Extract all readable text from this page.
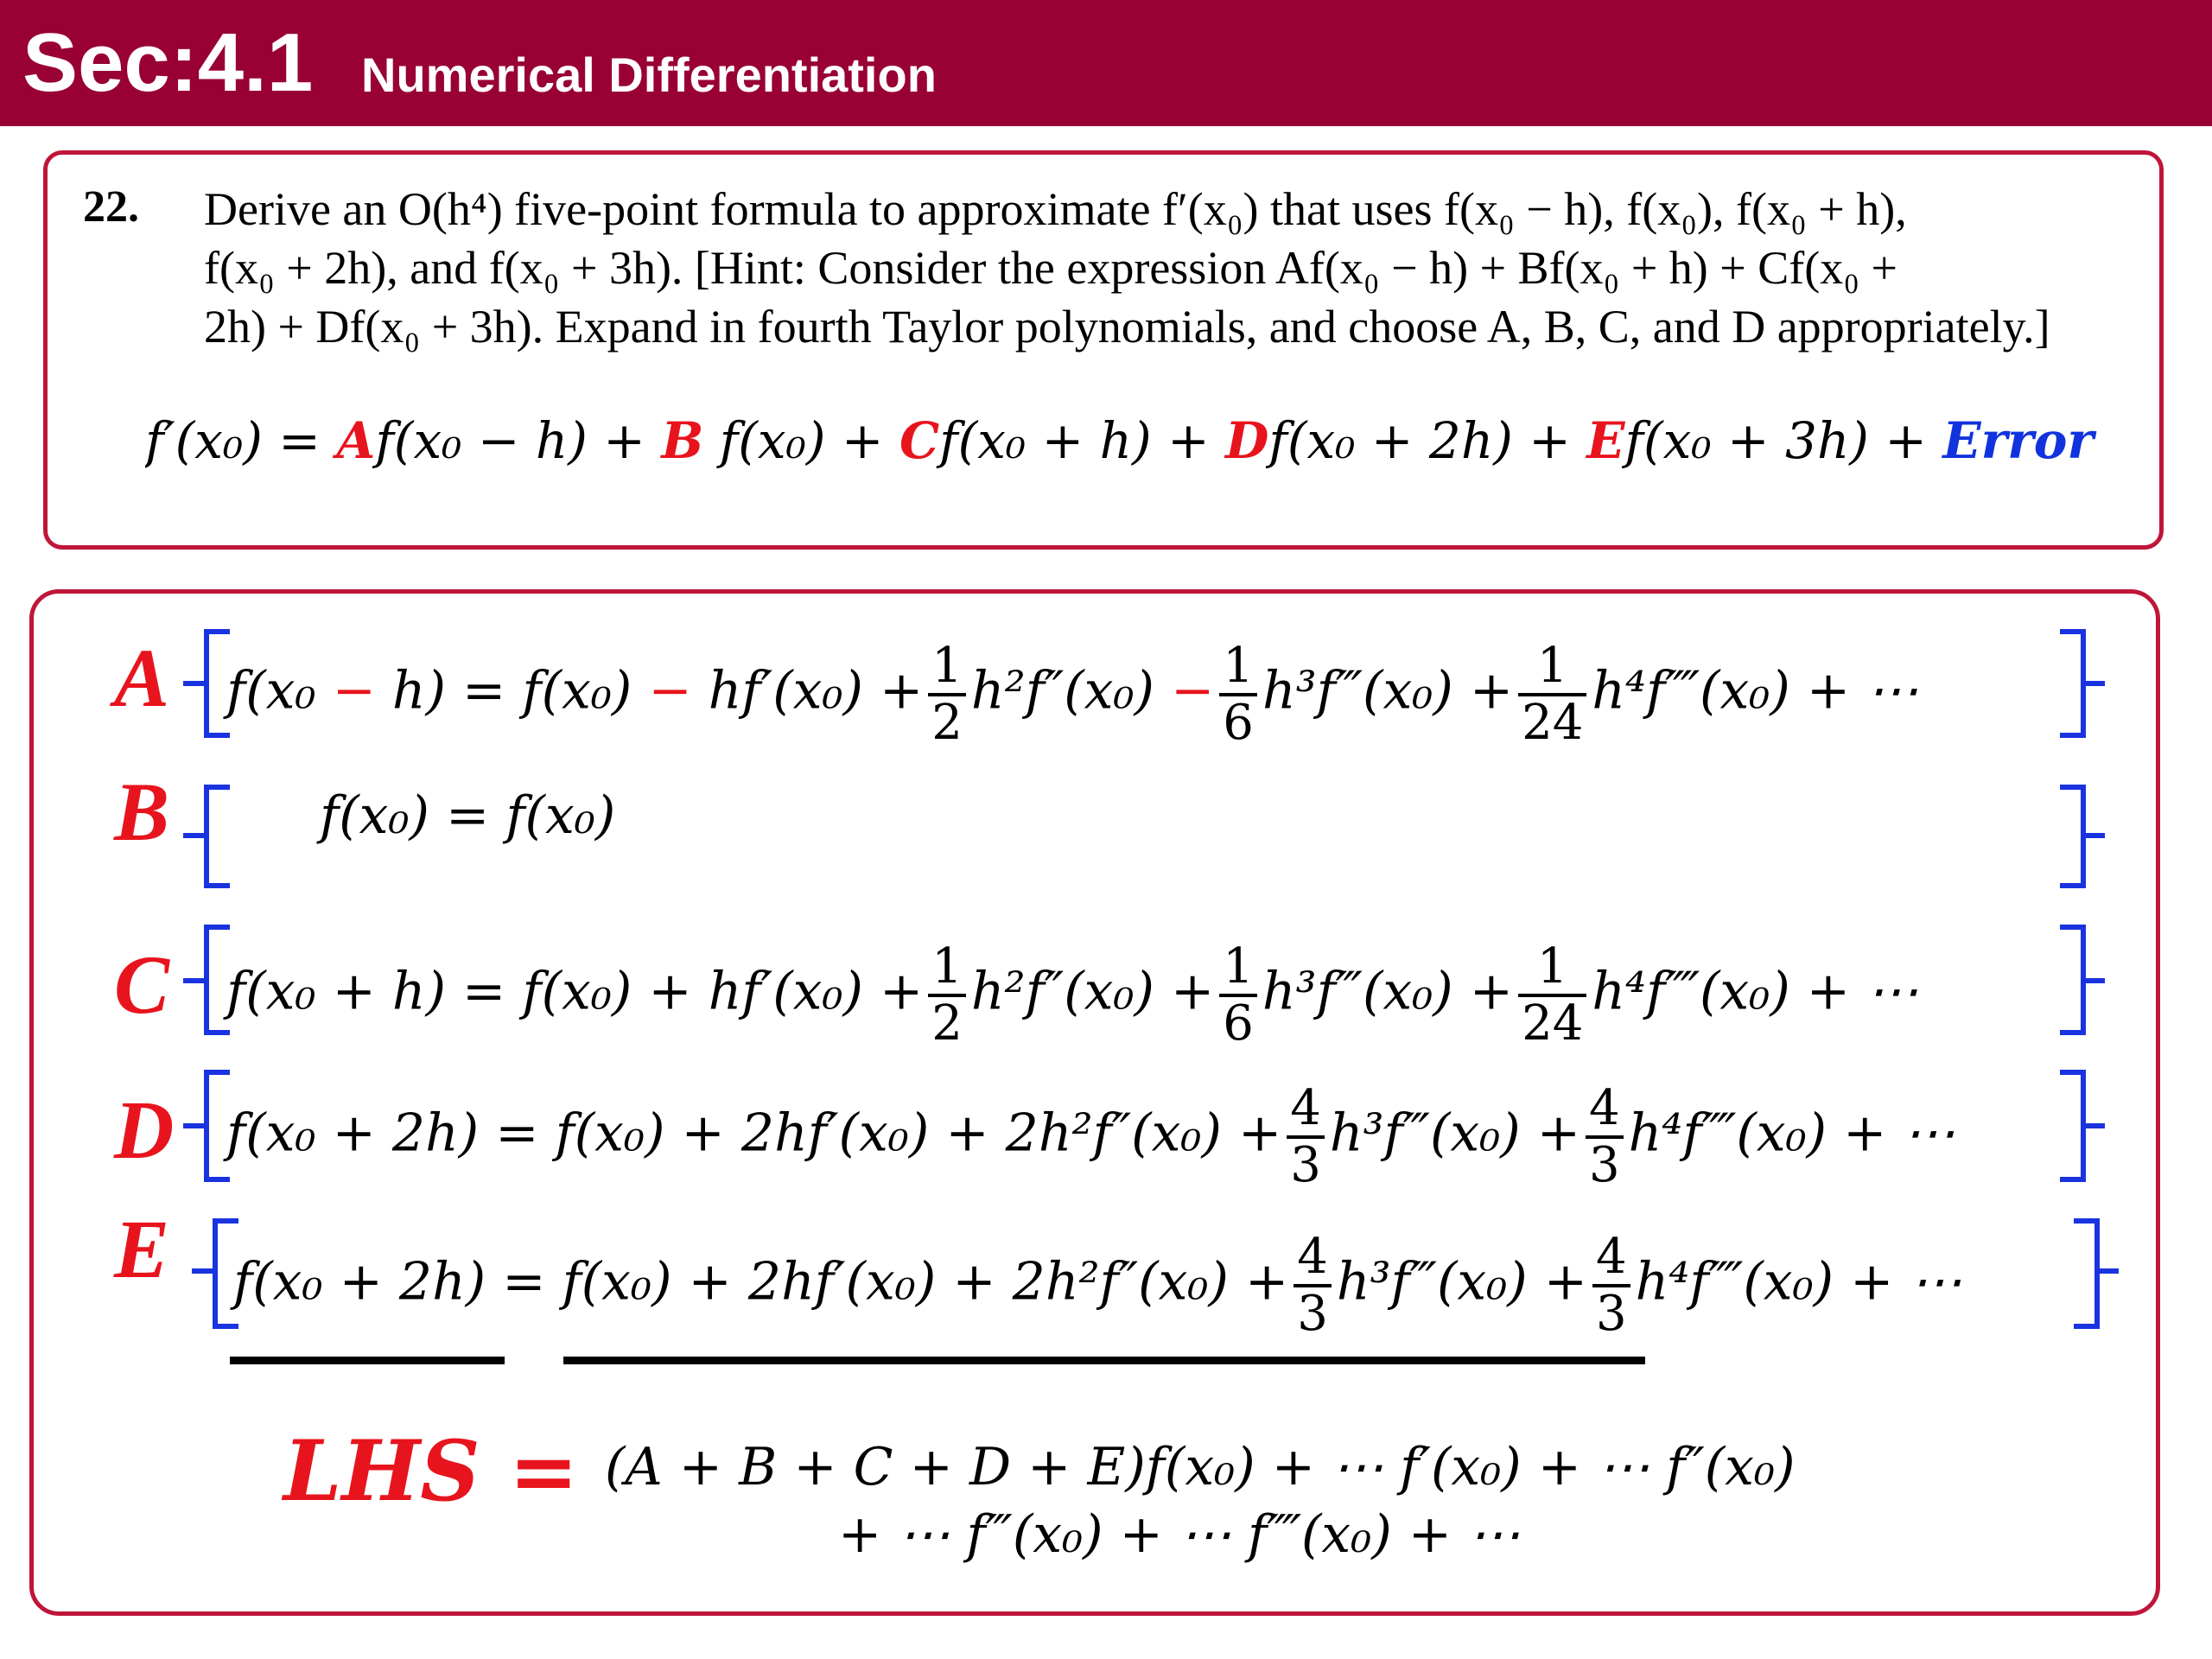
Sec:4.1 Numerical Differentiation
22. Derive an O(h⁴) five-point formula to approximate f′(x₀) that uses f(x₀ − h), f(x₀), f(x₀ + h),
f(x₀ + 2h), and f(x₀ + 3h). [Hint: Consider the expression Af(x₀ − h) + Bf(x₀ + h) + Cf(x₀ +
2h) + Df(x₀ + 3h). Expand in fourth Taylor polynomials, and choose A, B, C, and D appropriately.]
f′(x₀) = Af(x₀ − h) + B f(x₀) + Cf(x₀ + h) + Df(x₀ + 2h) + Ef(x₀ + 3h) + Error
A $f(x_0 - h) = f(x_0) - hf'(x_0) + \frac{1}{2} h^2f''(x_0) - \frac{1}{6}$ h³f‴(x₀) + $\frac{1}{24}$ h⁴f⁗(x₀) + ⋯
B	f(x₀) = f(x₀)
C $f(x_0 + h) = f(x_0) + hf'(x_0) + \frac{1}{2} h^2f''(x_0) + \frac{1}{6}$ h³f‴(x₀) + $\frac{1}{24}$ h⁴f⁗(x₀) + ⋯
D $f(x_0 + 2h) = f(x_0) + 2hf'(x_0) + 2h^2f''(x_0) + \frac{4}{3}$ h³f‴(x₀) + $\frac{4}{3}$ h⁴f⁗(x₀) + ⋯
E $f(x_0 + 2h) = f(x_0) + 2hf'(x_0) + 2h^2f''(x_0) + \frac{4}{3}$ h³f‴(x₀) + $\frac{4}{3}$ h⁴f⁗(x₀) + ⋯
LHS = (A + B + C + D + E)f(x₀) + ⋯ f′(x₀) + ⋯ f″(x₀)
+ ⋯ f‴(x₀) + ⋯ f⁗(x₀) + ⋯
